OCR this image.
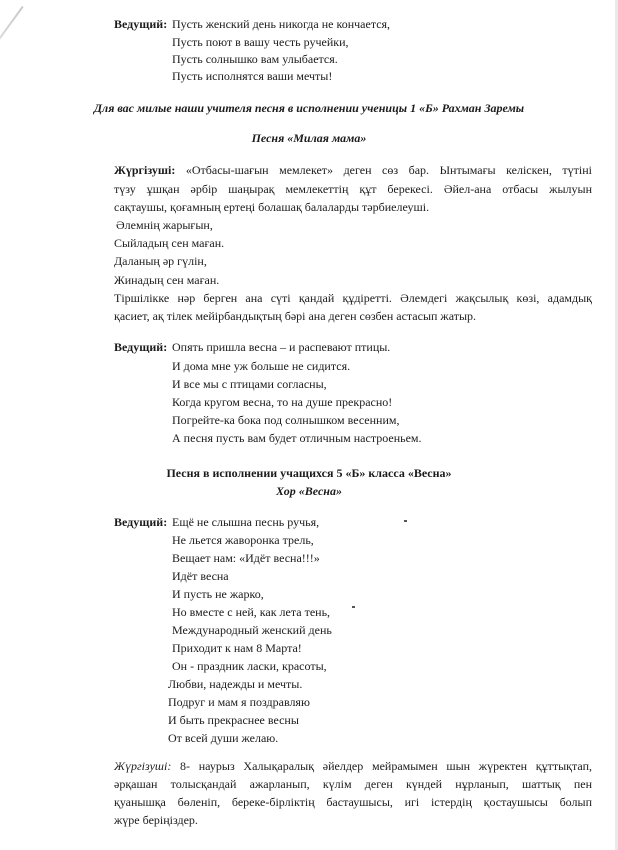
Ведущий: Пусть женский день никогда не кончается,
Пусть поют в вашу честь ручейки,
Пусть солнышко вам улыбается.
Пусть исполнятся ваши мечты!
Для вас милые наши учителя песня в исполнении ученицы 1 «Б» Рахман Заремы
Песня «Милая мама»
Жүргізуші: «Отбасы-шағын мемлекет» деген сөз бар. Ынтымағы келіскен, түтіні
түзу ұшқан әрбір шаңырақ мемлекеттің құт берекесі. Әйел-ана отбасы жылуын
сақтаушы, қоғамның ертеңі болашақ балаларды тәрбиелеуші.
Әлемнің жарығын,
Сыйладың сен маған.
Даланың әр гүлін,
Жинадың сен маған.
Тіршілікке нәр берген ана сүті қандай құдіретті. Әлемдегі жақсылық көзі, адамдық
қасиет, ақ тілек мейірбандықтың бәрі ана деген сөзбен астасып жатыр.
Ведущий: Опять пришла весна – и распевают птицы.
И дома мне уж больше не сидится.
И все мы с птицами согласны,
Когда кругом весна, то на душе прекрасно!
Погрейте-ка бока под солнышком весенним,
А песня пусть вам будет отличным настроеньем.
Песня в исполнении учащихся 5 «Б» класса «Весна»
Хор «Весна»
Ведущий: Ещё не слышна песнь ручья,
Не льется жаворонка трель,
Вещает нам: «Идёт весна!!!»
Идёт весна
И пусть не жарко,
Но вместе с ней, как лета тень,
Международный женский день
Приходит к нам 8 Марта!
Он - праздник ласки, красоты,
Любви, надежды и мечты.
Подруг и мам я поздравляю
И быть прекраснее весны
От всей души желаю.
Жүргізуші: 8- наурыз Халықаралық әйелдер мейрамымен шын жүректен құттықтап,
әрқашан толысқандай ажарланып, күлім деген күндей нұрланып, шаттық пен
қуанышқа бөленіп, береке-бірліктің бастаушысы, игі істердің қостаушысы болып
жүре беріңіздер.
